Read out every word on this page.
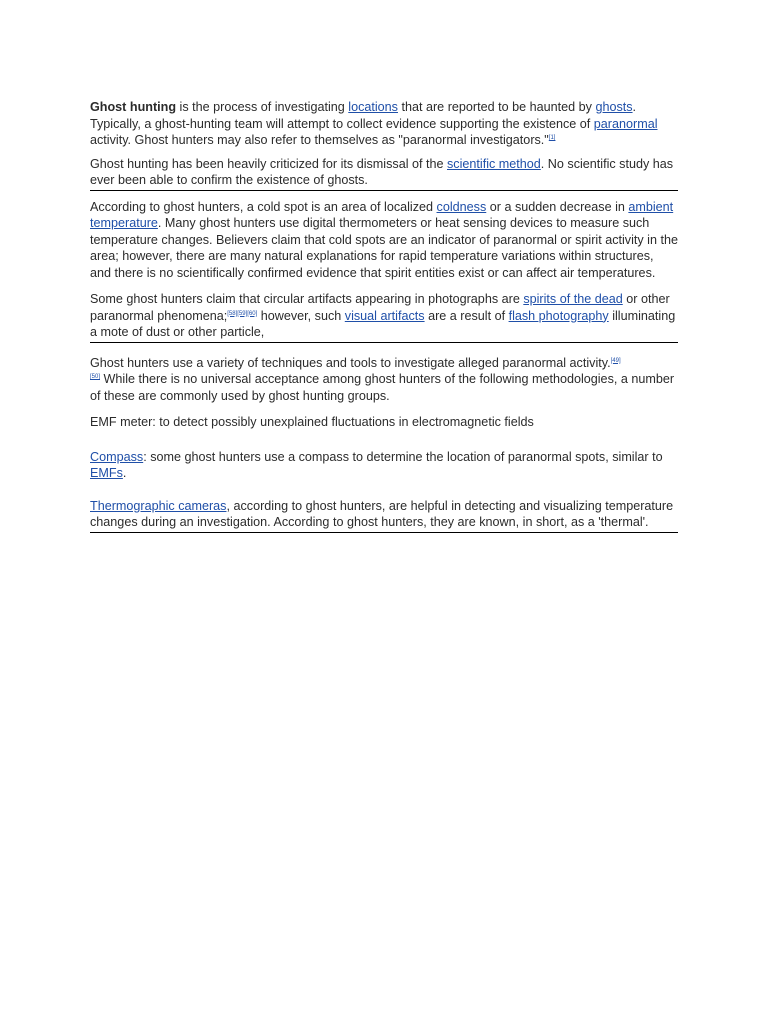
Ghost hunting is the process of investigating locations that are reported to be haunted by ghosts. Typically, a ghost-hunting team will attempt to collect evidence supporting the existence of paranormal activity. Ghost hunters may also refer to themselves as "paranormal investigators."[1]

Ghost hunting has been heavily criticized for its dismissal of the scientific method. No scientific study has ever been able to confirm the existence of ghosts.

According to ghost hunters, a cold spot is an area of localized coldness or a sudden decrease in ambient temperature. Many ghost hunters use digital thermometers or heat sensing devices to measure such temperature changes. Believers claim that cold spots are an indicator of paranormal or spirit activity in the area; however, there are many natural explanations for rapid temperature variations within structures, and there is no scientifically confirmed evidence that spirit entities exist or can affect air temperatures.

Some ghost hunters claim that circular artifacts appearing in photographs are spirits of the dead or other paranormal phenomena;[58][59][60] however, such visual artifacts are a result of flash photography illuminating a mote of dust or other particle,

Ghost hunters use a variety of techniques and tools to investigate alleged paranormal activity.[49]
[50] While there is no universal acceptance among ghost hunters of the following methodologies, a number of these are commonly used by ghost hunting groups.

EMF meter: to detect possibly unexplained fluctuations in electromagnetic fields

Compass: some ghost hunters use a compass to determine the location of paranormal spots, similar to EMFs.

Thermographic cameras, according to ghost hunters, are helpful in detecting and visualizing temperature changes during an investigation. According to ghost hunters, they are known, in short, as a 'thermal'.
